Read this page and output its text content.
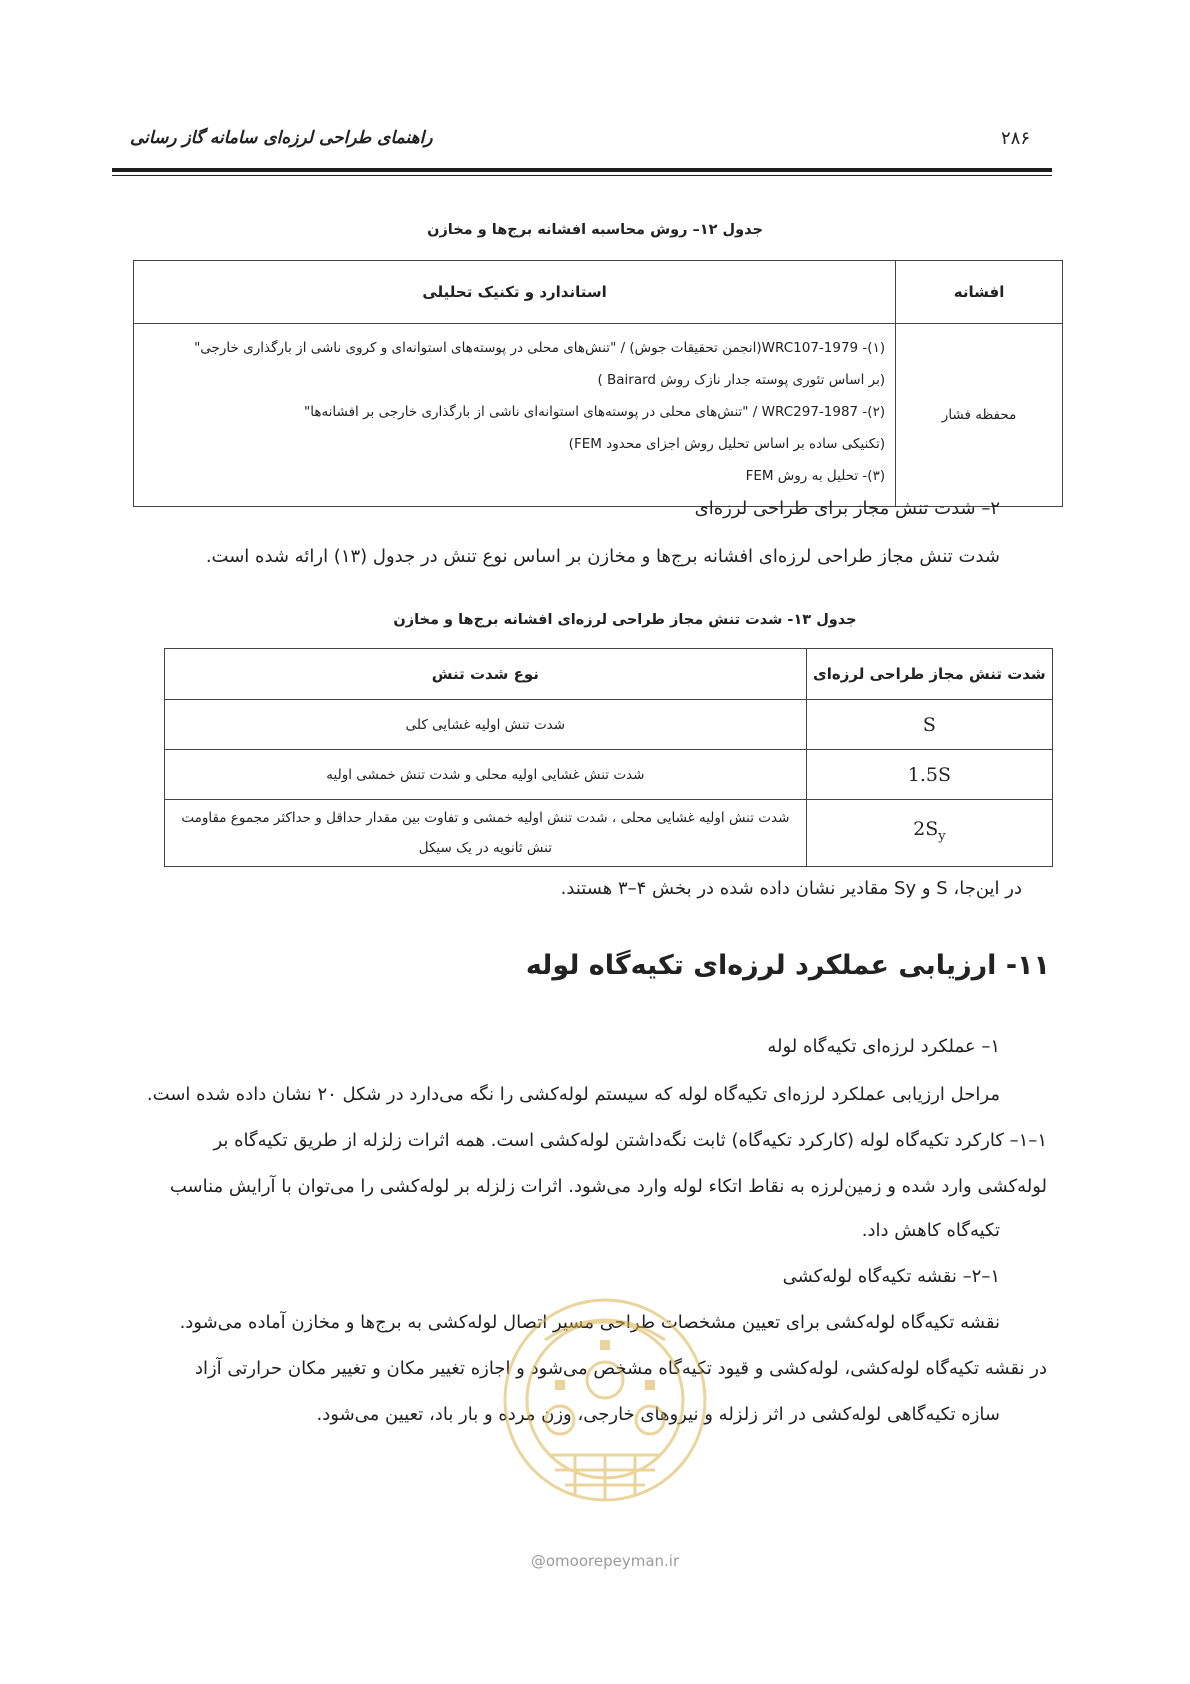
راهنمای طراحی لرزه‌ای سامانه گاز رسانی	۲۸۶
جدول ۱۲– روش محاسبه افشانه برج‌ها و مخازن
افشانه	استاندارد و تکنیک تحلیلی
محفظه فشار	(۱)- WRC107-1979(انجمن تحقیقات جوش) / "تنش‌های محلی در پوسته‌های استوانه‌ای و کروی ناشی از بارگذاری خارجی"
(بر اساس تئوری پوسته جدار نازک روش Bairard )
(۲)- WRC297-1987 / "تنش‌های محلی در پوسته‌های استوانه‌ای ناشی از بارگذاری خارجی بر افشانه‌ها"
(تکنیکی ساده بر اساس تحلیل روش اجزای محدود FEM)
(۳)- تحلیل به روش FEM
۲– شدت تنش مجاز برای طراحی لرزه‌ای
شدت تنش مجاز طراحی لرزه‌ای افشانه برج‌ها و مخازن بر اساس نوع تنش در جدول (۱۳) ارائه شده است.
جدول ۱۳- شدت تنش مجاز طراحی لرزه‌ای افشانه برج‌ها و مخازن
شدت تنش مجاز طراحی لرزه‌ای	نوع شدت تنش
S	شدت تنش اولیه غشایی کلی
1.5S	شدت تنش غشایی اولیه محلی و شدت تنش خمشی اولیه
$2S_y$	شدت تنش اولیه غشایی محلی ، شدت تنش اولیه خمشی و تفاوت بین مقدار حداقل و حداکثر مجموع مقاومت
تنش ثانویه در یک سیکل
در این‌جا، S و Sy مقادیر نشان داده شده در بخش ۴–۳ هستند.
۱۱- ارزیابی عملکرد لرزه‌ای تکیه‌گاه لوله
۱– عملکرد لرزه‌ای تکیه‌گاه لوله
مراحل ارزیابی عملکرد لرزه‌ای تکیه‌گاه لوله که سیستم لوله‌کشی را نگه می‌دارد در شکل ۲۰ نشان داده شده است.
۱–۱– کارکرد تکیه‌گاه لوله (کارکرد تکیه‌گاه) ثابت نگه‌داشتن لوله‌کشی است. همه اثرات زلزله از طریق تکیه‌گاه بر
لوله‌کشی وارد شده و زمین‌لرزه به نقاط اتکاء لوله وارد می‌شود. اثرات زلزله بر لوله‌کشی را می‌توان با آرایش مناسب
تکیه‌گاه کاهش داد.
۱–۲– نقشه تکیه‌گاه لوله‌کشی
نقشه تکیه‌گاه لوله‌کشی برای تعیین مشخصات طراحی مسیر اتصال لوله‌کشی به برج‌ها و مخازن آماده می‌شود.
در نقشه تکیه‌گاه لوله‌کشی، لوله‌کشی و قیود تکیه‌گاه مشخص می‌شود و اجازه تغییر مکان و تغییر مکان حرارتی آزاد
سازه تکیه‌گاهی لوله‌کشی در اثر زلزله و نیروهای خارجی، وزن مرده و بار باد، تعیین می‌شود.
@omoorepeyman.ir
